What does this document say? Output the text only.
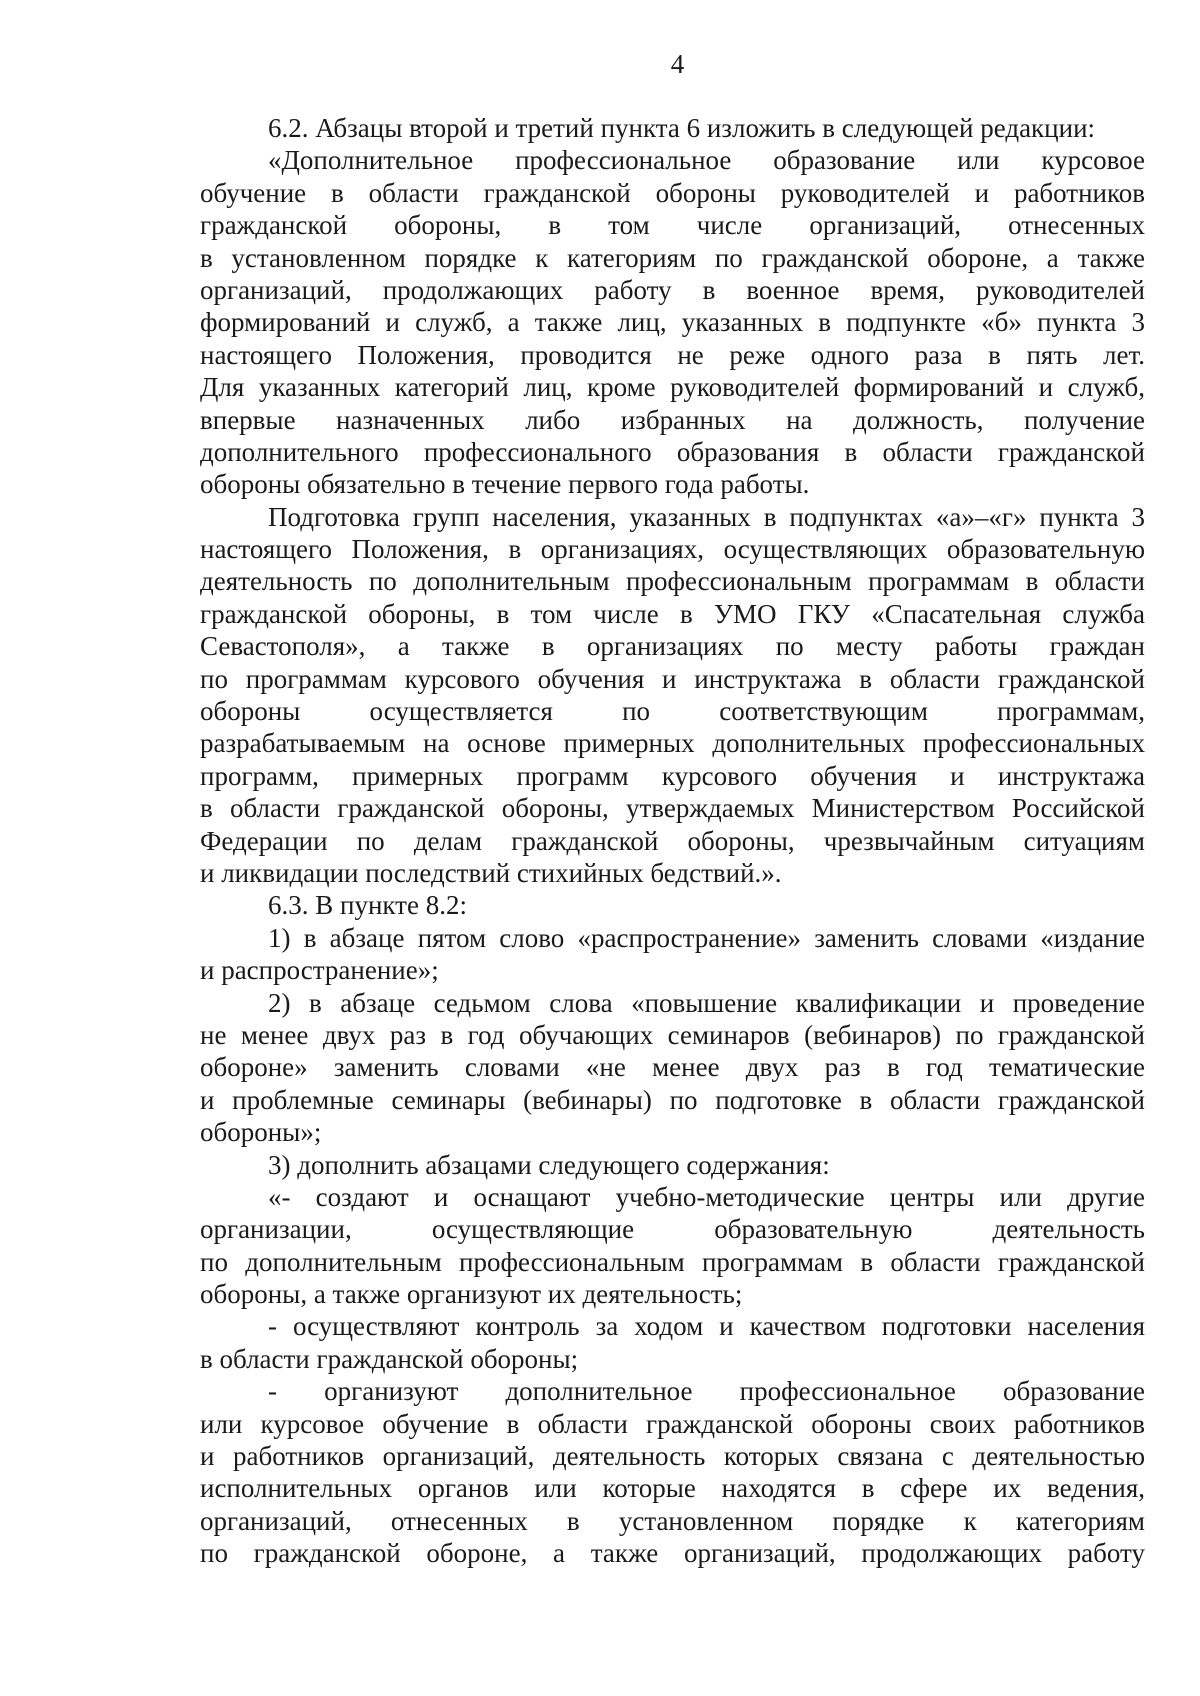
4
6.2. Абзацы второй и третий пункта 6 изложить в следующей редакции:
«Дополнительное профессиональное образование или курсовое
обучение в области гражданской обороны руководителей и работников
гражданской обороны, в том числе организаций, отнесенных
в установленном порядке к категориям по гражданской обороне, а также
организаций, продолжающих работу в военное время, руководителей
формирований и служб, а также лиц, указанных в подпункте «б» пункта 3
настоящего Положения, проводится не реже одного раза в пять лет.
Для указанных категорий лиц, кроме руководителей формирований и служб,
впервые назначенных либо избранных на должность, получение
дополнительного профессионального образования в области гражданской
обороны обязательно в течение первого года работы.
Подготовка групп населения, указанных в подпунктах «а»–«г» пункта 3
настоящего Положения, в организациях, осуществляющих образовательную
деятельность по дополнительным профессиональным программам в области
гражданской обороны, в том числе в УМО ГКУ «Спасательная служба
Севастополя», а также в организациях по месту работы граждан
по программам курсового обучения и инструктажа в области гражданской
обороны осуществляется по соответствующим программам,
разрабатываемым на основе примерных дополнительных профессиональных
программ, примерных программ курсового обучения и инструктажа
в области гражданской обороны, утверждаемых Министерством Российской
Федерации по делам гражданской обороны, чрезвычайным ситуациям
и ликвидации последствий стихийных бедствий.».
6.3. В пункте 8.2:
1) в абзаце пятом слово «распространение» заменить словами «издание
и распространение»;
2) в абзаце седьмом слова «повышение квалификации и проведение
не менее двух раз в год обучающих семинаров (вебинаров) по гражданской
обороне» заменить словами «не менее двух раз в год тематические
и проблемные семинары (вебинары) по подготовке в области гражданской
обороны»;
3) дополнить абзацами следующего содержания:
«- создают и оснащают учебно-методические центры или другие
организации, осуществляющие образовательную деятельность
по дополнительным профессиональным программам в области гражданской
обороны, а также организуют их деятельность;
- осуществляют контроль за ходом и качеством подготовки населения
в области гражданской обороны;
- организуют дополнительное профессиональное образование
или курсовое обучение в области гражданской обороны своих работников
и работников организаций, деятельность которых связана с деятельностью
исполнительных органов или которые находятся в сфере их ведения,
организаций, отнесенных в установленном порядке к категориям
по гражданской обороне, а также организаций, продолжающих работу
